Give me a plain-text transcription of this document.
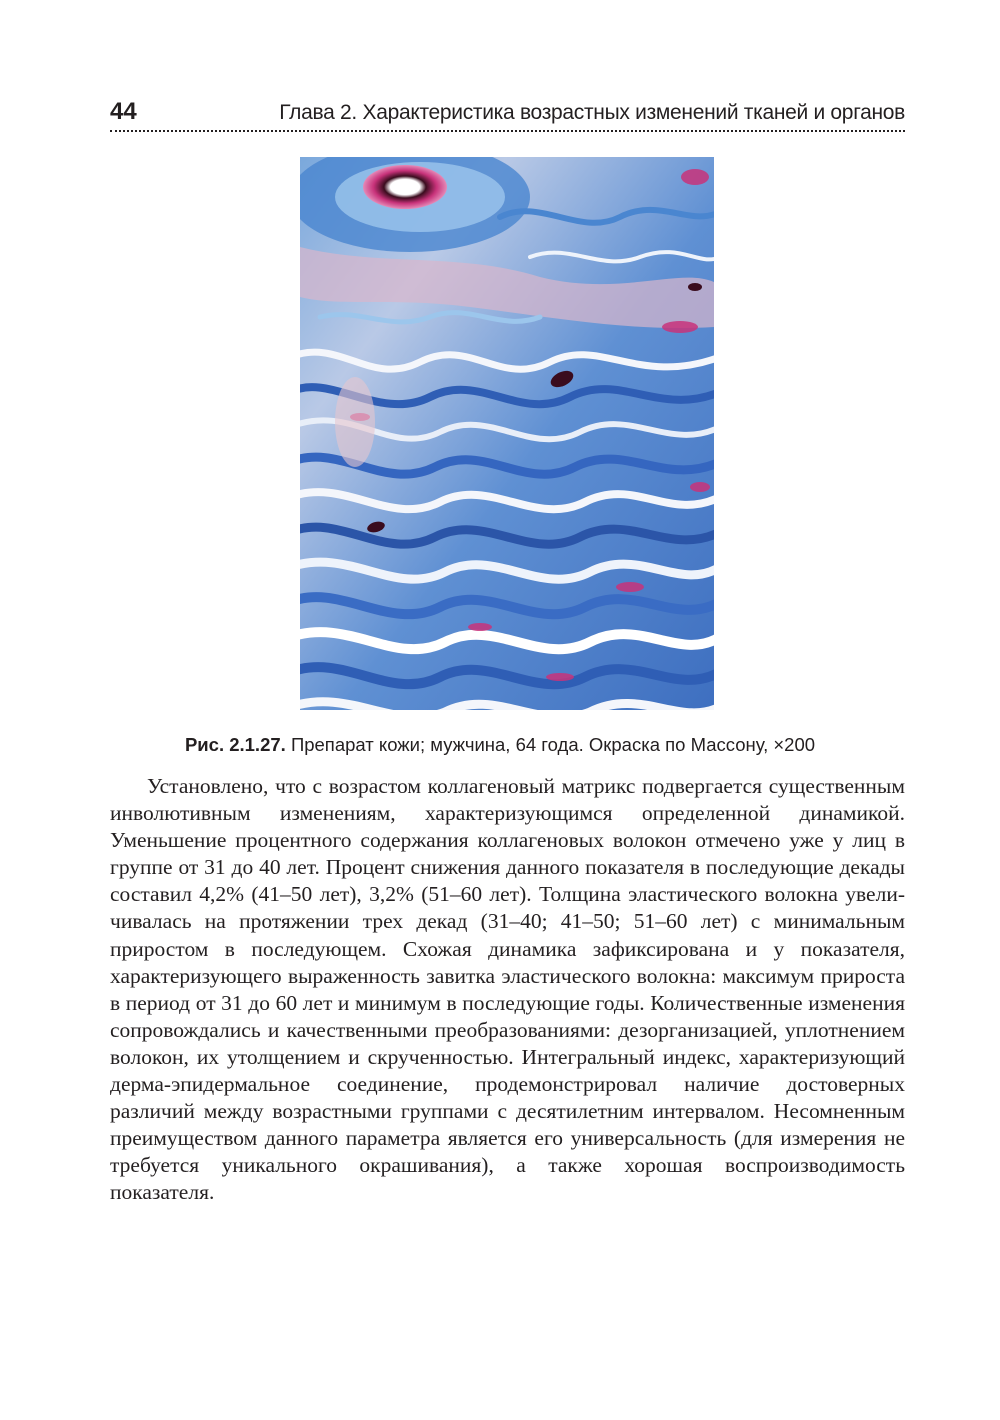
44	Глава 2. Характеристика возрастных изменений тканей и органов
Рис. 2.1.27. Препарат кожи; мужчина, 64 года. Окраска по Массону, ×200

Установлено, что с возрастом коллагеновый матрикс подвергается существенным инволютивным изменениям, характеризующимся определенной динамикой. Уменьшение процентного содержания коллагеновых волокон отмечено уже у лиц в группе от 31 до 40 лет. Процент снижения данного показателя в последующие декады составил 4,2% (41–50 лет), 3,2% (51–60 лет). Толщина эластического волокна увеличивалась на протяжении трех декад (31–40; 41–50; 51–60 лет) с минимальным приростом в последующем. Схожая динамика зафиксирована и у показателя, характеризующего выраженность завитка эластического волокна: максимум прироста в период от 31 до 60 лет и минимум в последующие годы. Количественные изменения сопровождались и качественными преобразованиями: дезорганизацией, уплотнением волокон, их утолщением и скрученностью. Интегральный индекс, характеризующий дерма-эпидермальное соединение, продемонстрировал наличие достоверных различий между возрастными группами с десятилетним интервалом. Несомненным преимуществом данного параметра является его универсальность (для измерения не требуется уникального окрашивания), а также хорошая воспроизводимость показателя.
